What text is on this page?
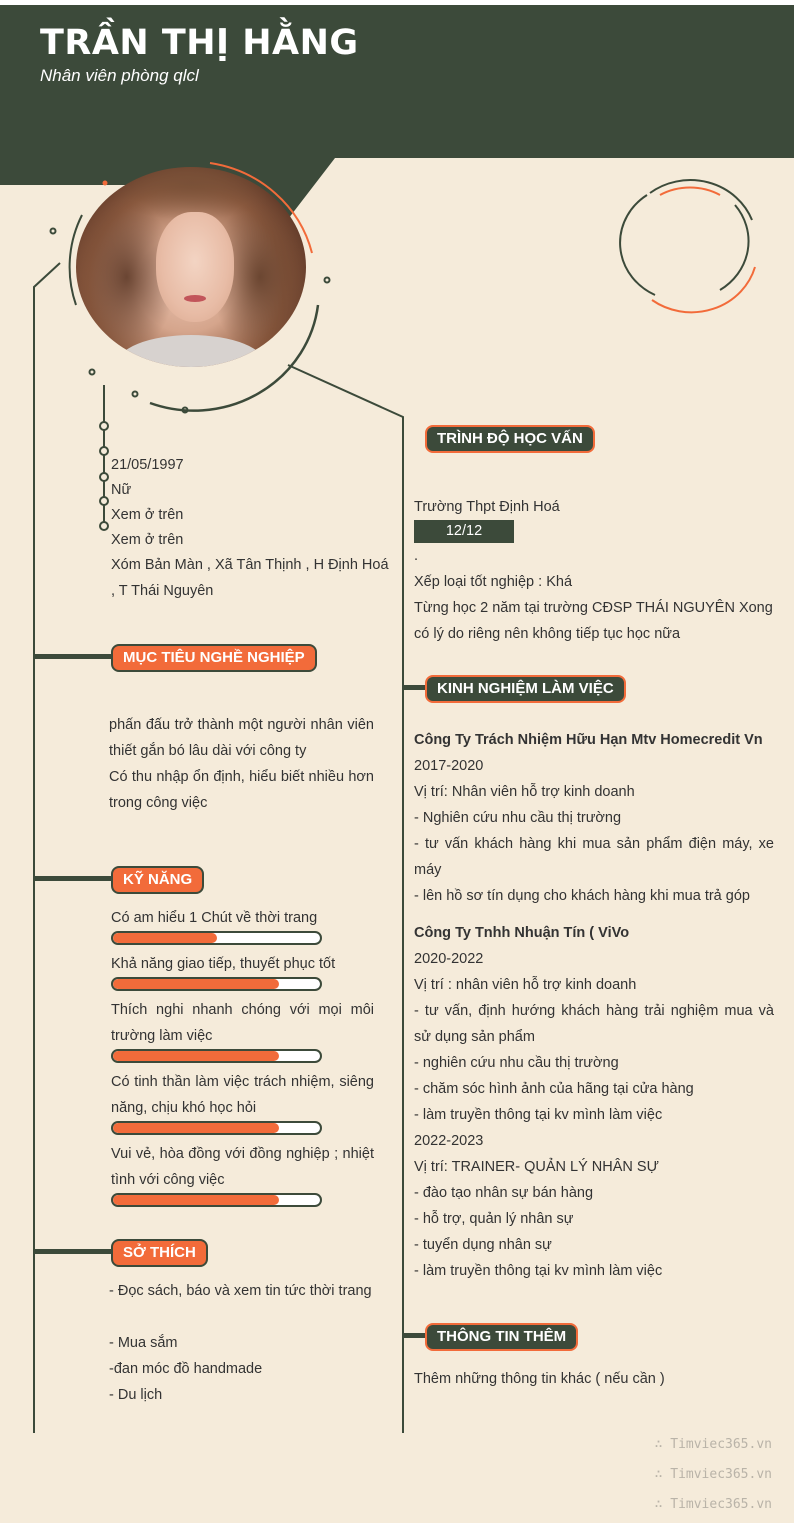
TRẦN THỊ HẰNG
Nhân viên phòng qlcl
21/05/1997
Nữ
Xem ở trên
Xem ở trên
Xóm Bản Màn , Xã Tân Thịnh , H Định Hoá , T Thái Nguyên
MỤC TIÊU NGHỀ NGHIỆP
phấn đấu trở thành một người nhân viên thiết gắn bó lâu dài với công ty
Có thu nhập ổn định, hiểu biết nhiều hơn trong công việc
KỸ NĂNG
Có am hiểu 1 Chút về thời trang
Khả năng giao tiếp, thuyết phục tốt
Thích nghi nhanh chóng với mọi môi trường làm việc
Có tinh thần làm việc trách nhiệm, siêng năng, chịu khó học hỏi
Vui vẻ, hòa đồng với đồng nghiệp ; nhiệt tình với công việc
SỞ THÍCH
- Đọc sách, báo và xem tin tức thời trang
- Mua sắm
-đan móc đồ handmade
- Du lịch
TRÌNH ĐỘ HỌC VẤN
Trường Thpt Định Hoá
12/12
.
Xếp loại tốt nghiệp : Khá
Từng học 2 năm tại trường CĐSP THÁI NGUYÊN Xong có lý do riêng nên không tiếp tục học nữa
KINH NGHIỆM LÀM VIỆC
Công Ty Trách Nhiệm Hữu Hạn Mtv Homecredit Vn
2017-2020
Vị trí: Nhân viên hỗ trợ kinh doanh
- Nghiên cứu nhu cầu thị trường
- tư vấn khách hàng khi mua sản phẩm điện máy, xe máy
- lên hồ sơ tín dụng cho khách hàng khi mua trả góp
Công Ty Tnhh Nhuận Tín ( ViVo
2020-2022
Vị trí : nhân viên hỗ trợ kinh doanh
- tư vấn, định hướng khách hàng trải nghiệm mua và sử dụng sản phẩm
- nghiên cứu nhu cầu thị trường
- chăm sóc hình ảnh của hãng tại cửa hàng
- làm truyền thông tại kv mình làm việc
2022-2023
Vị trí: TRAINER- QUẢN LÝ NHÂN SỰ
- đào tạo nhân sự bán hàng
- hỗ trợ, quản lý nhân sự
- tuyển dụng nhân sự
- làm truyền thông tại kv mình làm việc
THÔNG TIN THÊM
Thêm những thông tin khác ( nếu cần )
∴ Timviec365.vn
∴ Timviec365.vn
∴ Timviec365.vn
